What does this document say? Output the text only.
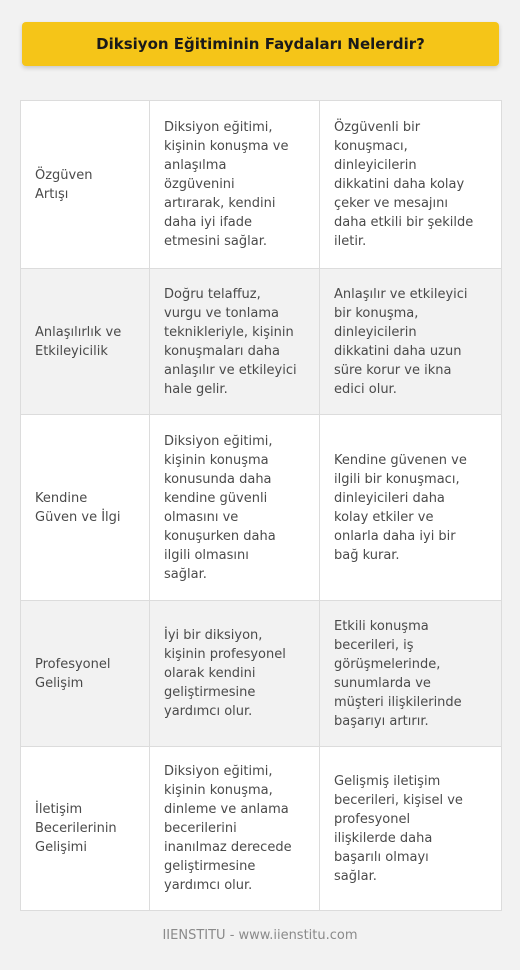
Diksiyon Eğitiminin Faydaları Nelerdir?
Özgüven
Artışı
Diksiyon eğitimi,
kişinin konuşma ve
anlaşılma
özgüvenini
artırarak, kendini
daha iyi ifade
etmesini sağlar.
Özgüvenli bir
konuşmacı,
dinleyicilerin
dikkatini daha kolay
çeker ve mesajını
daha etkili bir şekilde
iletir.
Anlaşılırlık ve
Etkileyicilik
Doğru telaffuz,
vurgu ve tonlama
teknikleriyle, kişinin
konuşmaları daha
anlaşılır ve etkileyici
hale gelir.
Anlaşılır ve etkileyici
bir konuşma,
dinleyicilerin
dikkatini daha uzun
süre korur ve ikna
edici olur.
Kendine
Güven ve İlgi
Diksiyon eğitimi,
kişinin konuşma
konusunda daha
kendine güvenli
olmasını ve
konuşurken daha
ilgili olmasını
sağlar.
Kendine güvenen ve
ilgili bir konuşmacı,
dinleyicileri daha
kolay etkiler ve
onlarla daha iyi bir
bağ kurar.
Profesyonel
Gelişim
İyi bir diksiyon,
kişinin profesyonel
olarak kendini
geliştirmesine
yardımcı olur.
Etkili konuşma
becerileri, iş
görüşmelerinde,
sunumlarda ve
müşteri ilişkilerinde
başarıyı artırır.
İletişim
Becerilerinin
Gelişimi
Diksiyon eğitimi,
kişinin konuşma,
dinleme ve anlama
becerilerini
inanılmaz derecede
geliştirmesine
yardımcı olur.
Gelişmiş iletişim
becerileri, kişisel ve
profesyonel
ilişkilerde daha
başarılı olmayı
sağlar.
IIENSTITU - www.iienstitu.com
